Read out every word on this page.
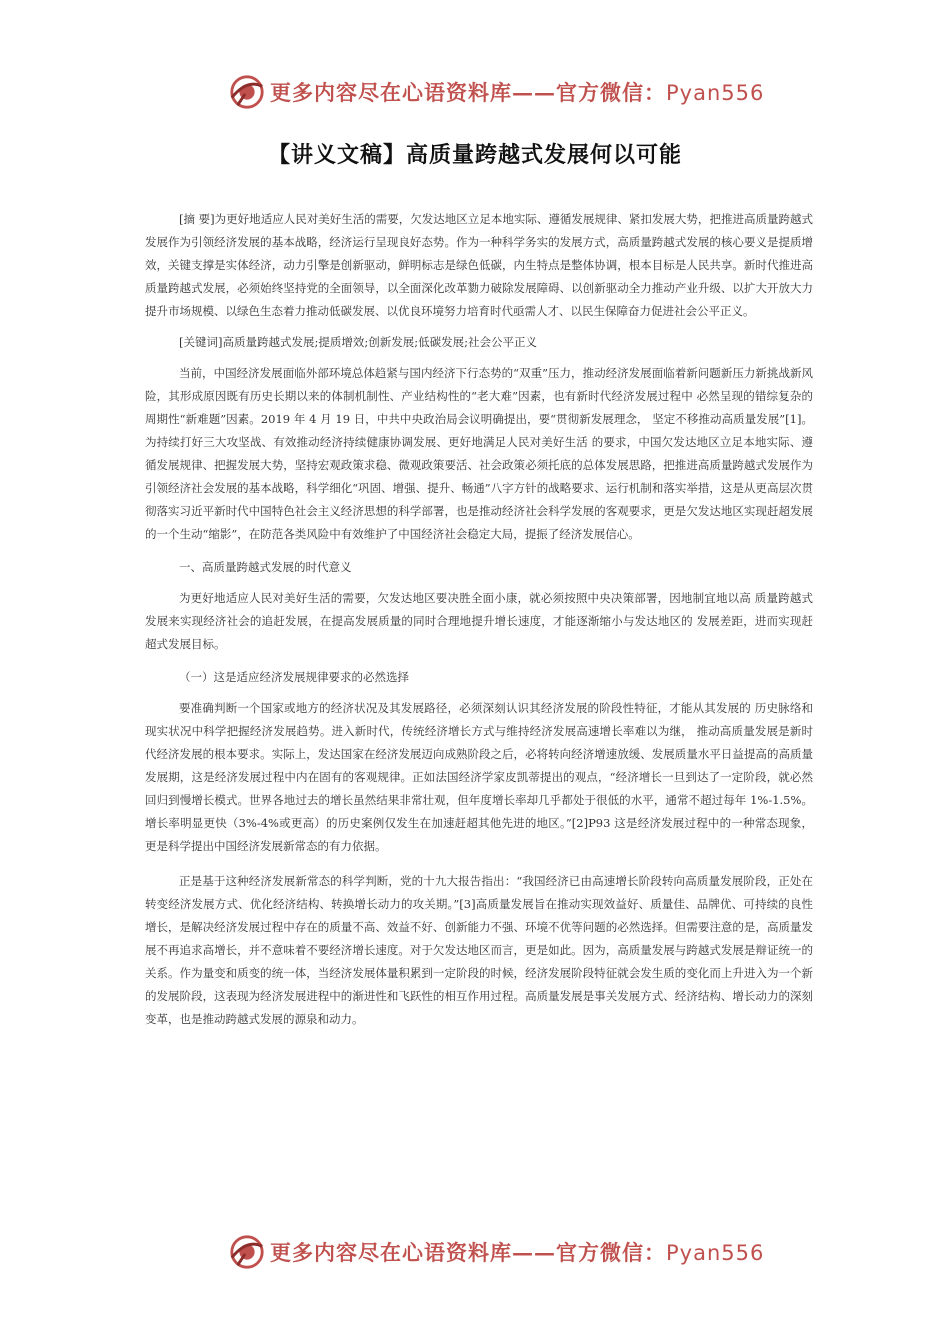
更多内容尽在心语资料库——官方微信：Pyan556
【讲义文稿】高质量跨越式发展何以可能

[摘 要]为更好地适应人民对美好生活的需要，欠发达地区立足本地实际、遵循发展规律、紧扣发展大势，把推进高质量跨越式发展作为引领经济发展的基本战略，经济运行呈现良好态势。作为一种科学务实的发展方式，高质量跨越式发展的核心要义是提质增效，关键支撑是实体经济，动力引擎是创新驱动，鲜明标志是绿色低碳，内生特点是整体协调，根本目标是人民共享。新时代推进高质量跨越式发展，必须始终坚持党的全面领导，以全面深化改革勠力破除发展障碍、以创新驱动全力推动产业升级、以扩大开放大力提升市场规模、以绿色生态着力推动低碳发展、以优良环境努力培育时代亟需人才、以民生保障奋力促进社会公平正义。

[关键词]高质量跨越式发展;提质增效;创新发展;低碳发展;社会公平正义

当前，中国经济发展面临外部环境总体趋紧与国内经济下行态势的“双重”压力，推动经济发展面临着新问题新压力新挑战新风险，其形成原因既有历史长期以来的体制机制性、产业结构性的“老大难”因素，也有新时代经济发展过程中 必然呈现的错综复杂的周期性“新难题”因素。2019 年 4 月 19 日，中共中央政治局会议明确提出，要“贯彻新发展理念， 坚定不移推动高质量发展”[1]。为持续打好三大攻坚战、有效推动经济持续健康协调发展、更好地满足人民对美好生活 的要求，中国欠发达地区立足本地实际、遵循发展规律、把握发展大势，坚持宏观政策求稳、微观政策要活、社会政策必须托底的总体发展思路，把推进高质量跨越式发展作为引领经济社会发展的基本战略，科学细化“巩固、增强、提升、畅通”八字方针的战略要求、运行机制和落实举措，这是从更高层次贯彻落实习近平新时代中国特色社会主义经济思想的科学部署，也是推动经济社会科学发展的客观要求，更是欠发达地区实现赶超发展的一个生动“缩影”，在防范各类风险中有效维护了中国经济社会稳定大局，提振了经济发展信心。

一、高质量跨越式发展的时代意义

为更好地适应人民对美好生活的需要，欠发达地区要决胜全面小康，就必须按照中央决策部署，因地制宜地以高 质量跨越式发展来实现经济社会的追赶发展，在提高发展质量的同时合理地提升增长速度，才能逐渐缩小与发达地区的 发展差距，进而实现赶超式发展目标。

（一）这是适应经济发展规律要求的必然选择

要准确判断一个国家或地方的经济状况及其发展路径，必须深刻认识其经济发展的阶段性特征，才能从其发展的 历史脉络和现实状况中科学把握经济发展趋势。进入新时代，传统经济增长方式与维持经济发展高速增长率难以为继， 推动高质量发展是新时代经济发展的根本要求。实际上，发达国家在经济发展迈向成熟阶段之后，必将转向经济增速放缓、发展质量水平日益提高的高质量发展期，这是经济发展过程中内在固有的客观规律。正如法国经济学家皮凯蒂提出的观点，“经济增长一旦到达了一定阶段，就必然回归到慢增长模式。世界各地过去的增长虽然结果非常壮观，但年度增长率却几乎都处于很低的水平，通常不超过每年 1%-1.5%。增长率明显更快（3%-4%或更高）的历史案例仅发生在加速赶超其他先进的地区。”[2]P93 这是经济发展过程中的一种常态现象，更是科学提出中国经济发展新常态的有力依据。

正是基于这种经济发展新常态的科学判断，党的十九大报告指出：“我国经济已由高速增长阶段转向高质量发展阶段，正处在转变经济发展方式、优化经济结构、转换增长动力的攻关期。”[3]高质量发展旨在推动实现效益好、质量佳、品牌优、可持续的良性增长，是解决经济发展过程中存在的质量不高、效益不好、创新能力不强、环境不优等问题的必然选择。但需要注意的是，高质量发展不再追求高增长，并不意味着不要经济增长速度。对于欠发达地区而言，更是如此。因为，高质量发展与跨越式发展是辩证统一的关系。作为量变和质变的统一体，当经济发展体量积累到一定阶段的时候，经济发展阶段特征就会发生质的变化而上升进入为一个新的发展阶段，这表现为经济发展进程中的渐进性和飞跃性的相互作用过程。高质量发展是事关发展方式、经济结构、增长动力的深刻变革，也是推动跨越式发展的源泉和动力。

更多内容尽在心语资料库——官方微信：Pyan556
